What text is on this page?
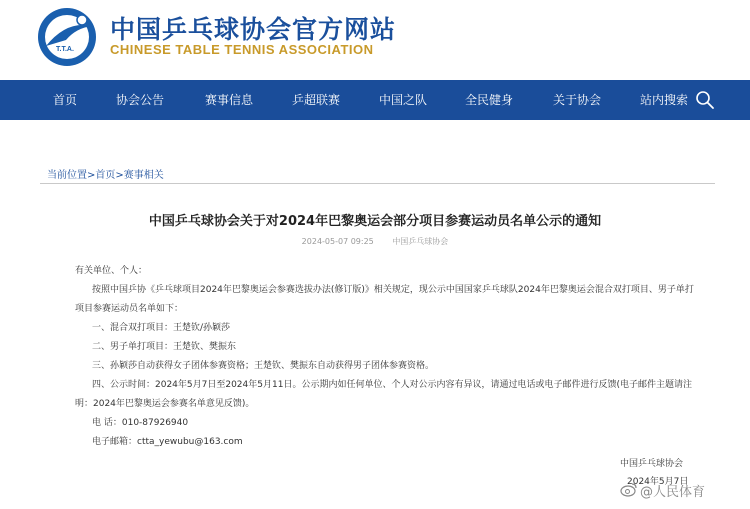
T.T.A.
中国乒乓球协会官方网站
CHINESE TABLE TENNIS ASSOCIATION
首页	协会公告	赛事信息	乒超联赛	中国之队	全民健身	关于协会	站内搜索
当前位置>首页>赛事相关
中国乒乓球协会关于对2024年巴黎奥运会部分项目参赛运动员名单公示的通知
2024-05-07 09:25 中国乒乓球协会
有关单位、个人：
按照中国乒协《乒乓球项目2024年巴黎奥运会参赛选拔办法(修订版)》相关规定，现公示中国国家乒乓球队2024年巴黎奥运会混合双打项目、男子单打
项目参赛运动员名单如下：
一、混合双打项目：王楚钦/孙颖莎
二、男子单打项目：王楚钦、樊振东
三、孙颖莎自动获得女子团体参赛资格；王楚钦、樊振东自动获得男子团体参赛资格。
四、公示时间：2024年5月7日至2024年5月11日。公示期内如任何单位、个人对公示内容有异议，请通过电话或电子邮件进行反馈(电子邮件主题请注
明：2024年巴黎奥运会参赛名单意见反馈)。
电 话：010-87926940
电子邮箱：ctta_yewubu@163.com
中国乒乓球协会
2024年5月7日
@人民体育
